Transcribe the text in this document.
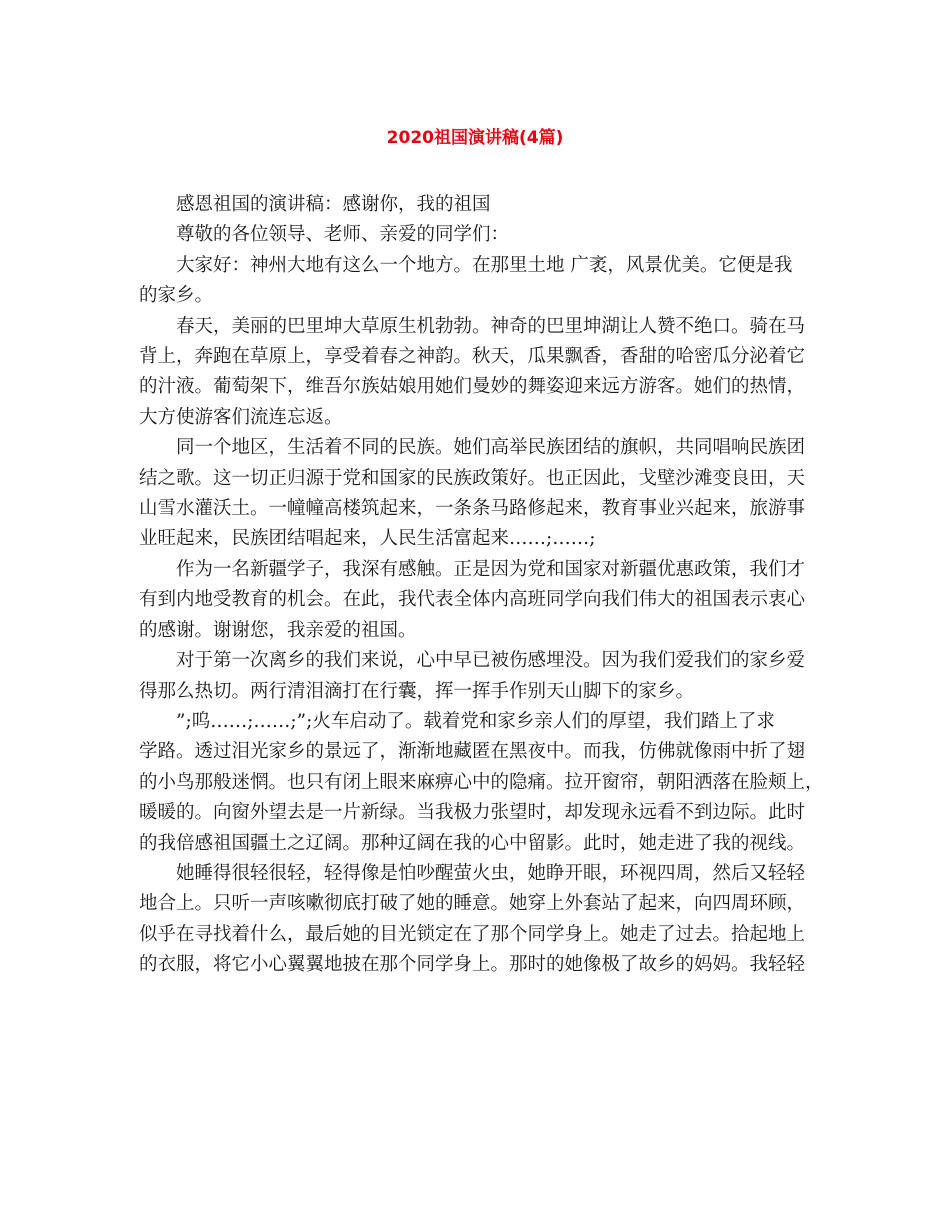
2020祖国演讲稿(4篇)
感恩祖国的演讲稿：感谢你，我的祖国
尊敬的各位领导、老师、亲爱的同学们：
大家好：神州大地有这么一个地方。在那里土地 广袤，风景优美。它便是我
的家乡。
春天，美丽的巴里坤大草原生机勃勃。神奇的巴里坤湖让人赞不绝口。骑在马
背上，奔跑在草原上，享受着春之神韵。秋天，瓜果飘香，香甜的哈密瓜分泌着它
的汁液。葡萄架下，维吾尔族姑娘用她们曼妙的舞姿迎来远方游客。她们的热情，
大方使游客们流连忘返。
同一个地区，生活着不同的民族。她们高举民族团结的旗帜，共同唱响民族团
结之歌。这一切正归源于党和国家的民族政策好。也正因此，戈壁沙滩变良田，天
山雪水灌沃土。一幢幢高楼筑起来，一条条马路修起来，教育事业兴起来，旅游事
业旺起来，民族团结唱起来，人民生活富起来……;……;
作为一名新疆学子，我深有感触。正是因为党和国家对新疆优惠政策，我们才
有到内地受教育的机会。在此，我代表全体内高班同学向我们伟大的祖国表示衷心
的感谢。谢谢您，我亲爱的祖国。
对于第一次离乡的我们来说，心中早已被伤感埋没。因为我们爱我们的家乡爱
得那么热切。两行清泪滴打在行囊，挥一挥手作别天山脚下的家乡。
”;呜……;……;”;火车启动了。载着党和家乡亲人们的厚望，我们踏上了求
学路。透过泪光家乡的景远了，渐渐地藏匿在黑夜中。而我，仿佛就像雨中折了翅
的小鸟那般迷惘。也只有闭上眼来麻痹心中的隐痛。拉开窗帘，朝阳洒落在脸颊上，
暖暖的。向窗外望去是一片新绿。当我极力张望时，却发现永远看不到边际。此时
的我倍感祖国疆土之辽阔。那种辽阔在我的心中留影。此时，她走进了我的视线。
她睡得很轻很轻，轻得像是怕吵醒萤火虫，她睁开眼，环视四周，然后又轻轻
地合上。只听一声咳嗽彻底打破了她的睡意。她穿上外套站了起来，向四周环顾，
似乎在寻找着什么，最后她的目光锁定在了那个同学身上。她走了过去。拾起地上
的衣服，将它小心翼翼地披在那个同学身上。那时的她像极了故乡的妈妈。我轻轻
